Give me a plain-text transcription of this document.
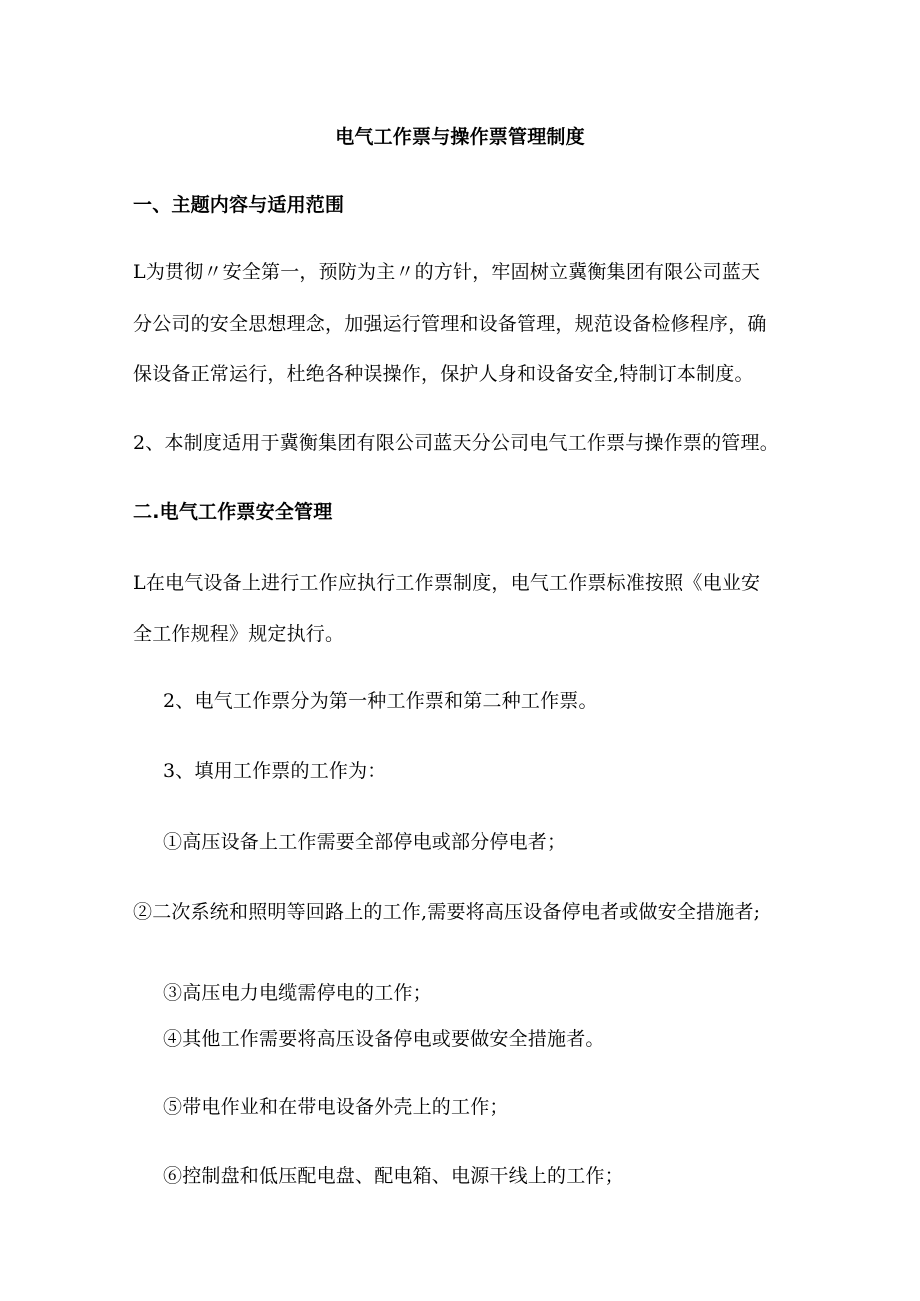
电气工作票与操作票管理制度
一、主题内容与适用范围
L为贯彻〃安全第一，预防为主〃的方针，牢固树立冀衡集团有限公司蓝天
分公司的安全思想理念，加强运行管理和设备管理，规范设备检修程序，确
保设备正常运行，杜绝各种误操作，保护人身和设备安全,特制订本制度。
2、本制度适用于冀衡集团有限公司蓝天分公司电气工作票与操作票的管理。
二.电气工作票安全管理
L在电气设备上进行工作应执行工作票制度，电气工作票标准按照《电业安
全工作规程》规定执行。
2、电气工作票分为第一种工作票和第二种工作票。
3、填用工作票的工作为：
①高压设备上工作需要全部停电或部分停电者；
②二次系统和照明等回路上的工作,需要将高压设备停电者或做安全措施者;
③高压电力电缆需停电的工作；
④其他工作需要将高压设备停电或要做安全措施者。
⑤带电作业和在带电设备外壳上的工作；
⑥控制盘和低压配电盘、配电箱、电源干线上的工作；
